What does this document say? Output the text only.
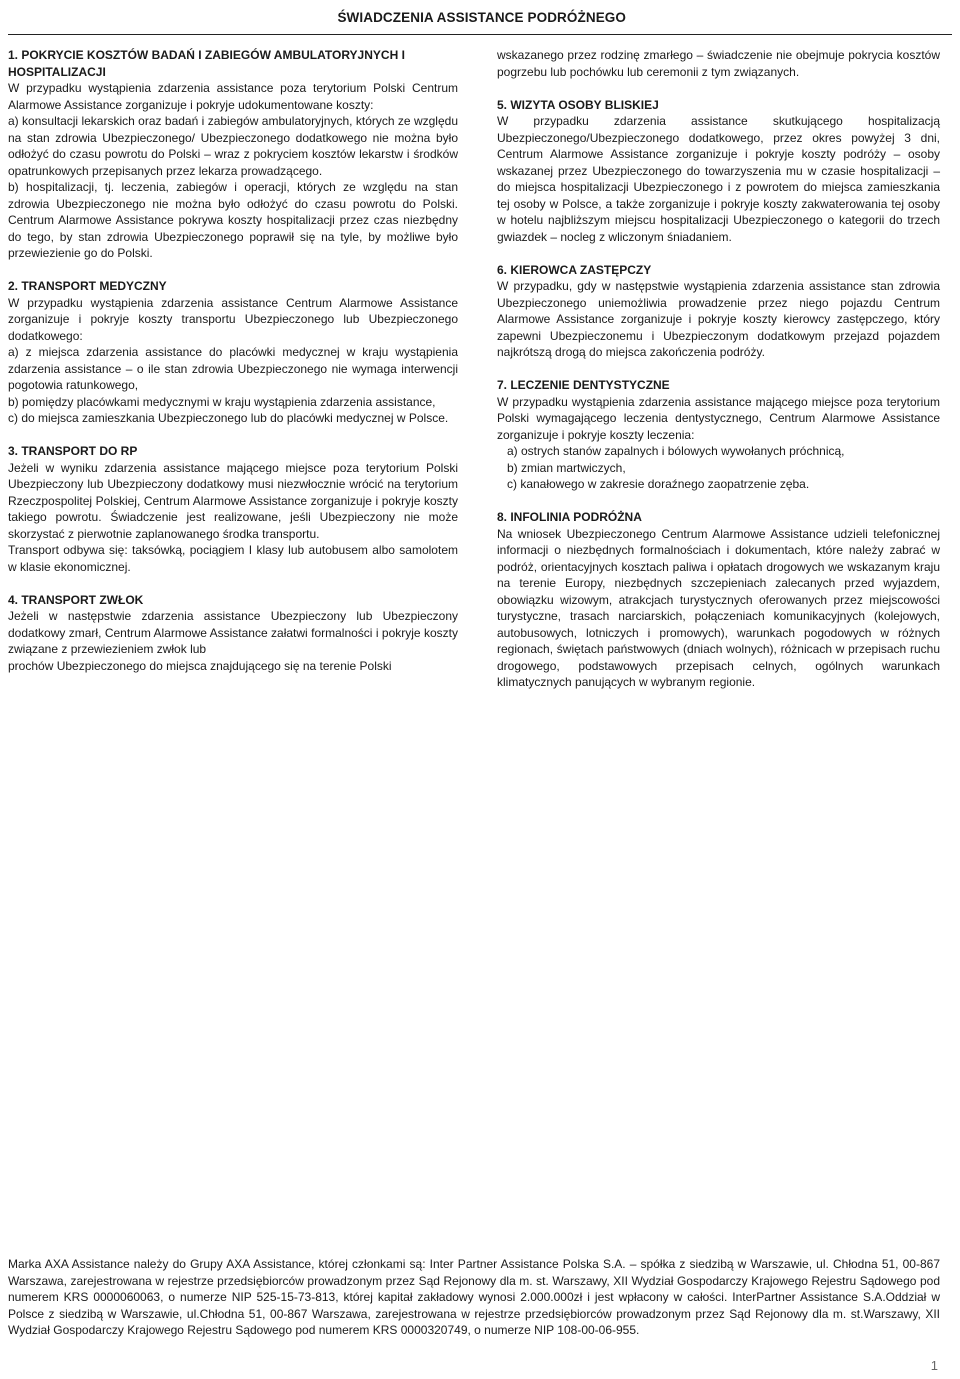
ŚWIADCZENIA ASSISTANCE PODRÓŻNEGO
1. POKRYCIE KOSZTÓW BADAŃ I ZABIEGÓW AMBULATORYJNYCH I HOSPITALIZACJI

W przypadku wystąpienia zdarzenia assistance poza terytorium Polski Centrum Alarmowe Assistance zorganizuje i pokryje udokumentowane koszty:

a) konsultacji lekarskich oraz badań i zabiegów ambulatoryjnych, których ze względu na stan zdrowia Ubezpieczonego/ Ubezpieczonego dodatkowego nie można było odłożyć do czasu powrotu do Polski – wraz z pokryciem kosztów lekarstw i środków opatrunkowych przepisanych przez lekarza prowadzącego.

b) hospitalizacji, tj. leczenia, zabiegów i operacji, których ze względu na stan zdrowia Ubezpieczonego nie można było odłożyć do czasu powrotu do Polski. Centrum Alarmowe Assistance pokrywa koszty hospitalizacji przez czas niezbędny do tego, by stan zdrowia Ubezpieczonego poprawił się na tyle, by możliwe było przewiezienie go do Polski.

2. TRANSPORT MEDYCZNY

W przypadku wystąpienia zdarzenia assistance Centrum Alarmowe Assistance zorganizuje i pokryje koszty transportu Ubezpieczonego lub Ubezpieczonego dodatkowego:

a) z miejsca zdarzenia assistance do placówki medycznej w kraju wystąpienia zdarzenia assistance – o ile stan zdrowia Ubezpieczonego nie wymaga interwencji pogotowia ratunkowego,

b) pomiędzy placówkami medycznymi w kraju wystąpienia zdarzenia assistance,

c) do miejsca zamieszkania Ubezpieczonego lub do placówki medycznej w Polsce.

3. TRANSPORT DO RP

Jeżeli w wyniku zdarzenia assistance mającego miejsce poza terytorium Polski Ubezpieczony lub Ubezpieczony dodatkowy musi niezwłocznie wrócić na terytorium Rzeczpospolitej Polskiej, Centrum Alarmowe Assistance zorganizuje i pokryje koszty takiego powrotu. Świadczenie jest realizowane, jeśli Ubezpieczony nie może skorzystać z pierwotnie zaplanowanego środka transportu.

Transport odbywa się: taksówką, pociągiem I klasy lub autobusem albo samolotem w klasie ekonomicznej.

4. TRANSPORT ZWŁOK

Jeżeli w następstwie zdarzenia assistance Ubezpieczony lub Ubezpieczony dodatkowy zmarł, Centrum Alarmowe Assistance załatwi formalności i pokryje koszty związane z przewiezieniem zwłok lub

prochów Ubezpieczonego do miejsca znajdującego się na terenie Polski

wskazanego przez rodzinę zmarłego – świadczenie nie obejmuje pokrycia kosztów pogrzebu lub pochówku lub ceremonii z tym związanych.

5. WIZYTA OSOBY BLISKIEJ

W przypadku zdarzenia assistance skutkującego hospitalizacją Ubezpieczonego/Ubezpieczonego dodatkowego, przez okres powyżej 3 dni, Centrum Alarmowe Assistance zorganizuje i pokryje koszty podróży – osoby wskazanej przez Ubezpieczonego do towarzyszenia mu w czasie hospitalizacji – do miejsca hospitalizacji Ubezpieczonego i z powrotem do miejsca zamieszkania tej osoby w Polsce, a także zorganizuje i pokryje koszty zakwaterowania tej osoby w hotelu najbliższym miejscu hospitalizacji Ubezpieczonego o kategorii do trzech gwiazdek – nocleg z wliczonym śniadaniem.

6. KIEROWCA ZASTĘPCZY

W przypadku, gdy w następstwie wystąpienia zdarzenia assistance stan zdrowia Ubezpieczonego uniemożliwia prowadzenie przez niego pojazdu Centrum Alarmowe Assistance zorganizuje i pokryje koszty kierowcy zastępczego, który zapewni Ubezpieczonemu i Ubezpieczonym dodatkowym przejazd pojazdem najkrótszą drogą do miejsca zakończenia podróży.

7. LECZENIE DENTYSTYCZNE

W przypadku wystąpienia zdarzenia assistance mającego miejsce poza terytorium Polski wymagającego leczenia dentystycznego, Centrum Alarmowe Assistance zorganizuje i pokryje koszty leczenia:

a) ostrych stanów zapalnych i bólowych wywołanych próchnicą,

b) zmian martwiczych,

c) kanałowego w zakresie doraźnego zaopatrzenie zęba.

8. INFOLINIA PODRÓŻNA

Na wniosek Ubezpieczonego Centrum Alarmowe Assistance udzieli telefonicznej informacji o niezbędnych formalnościach i dokumentach, które należy zabrać w podróż, orientacyjnych kosztach paliwa i opłatach drogowych we wskazanym kraju na terenie Europy, niezbędnych szczepieniach zalecanych przed wyjazdem, obowiązku wizowym, atrakcjach turystycznych oferowanych przez miejscowości turystyczne, trasach narciarskich, połączeniach komunikacyjnych (kolejowych, autobusowych, lotniczych i promowych), warunkach pogodowych w różnych regionach, świętach państwowych (dniach wolnych), różnicach w przepisach ruchu drogowego, podstawowych przepisach celnych, ogólnych warunkach klimatycznych panujących w wybranym regionie.

Marka AXA Assistance należy do Grupy AXA Assistance, której członkami są: Inter Partner Assistance Polska S.A. – spółka z siedzibą w Warszawie, ul. Chłodna 51, 00-867 Warszawa, zarejestrowana w rejestrze przedsiębiorców prowadzonym przez Sąd Rejonowy dla m. st. Warszawy, XII Wydział Gospodarczy Krajowego Rejestru Sądowego pod numerem KRS 0000060063, o numerze NIP 525-15-73-813, której kapitał zakładowy wynosi 2.000.000zł i jest wpłacony w całości. InterPartner Assistance S.A.Oddział w Polsce z siedzibą w Warszawie, ul.Chłodna 51, 00-867 Warszawa, zarejestrowana w rejestrze przedsiębiorców prowadzonym przez Sąd Rejonowy dla m. st.Warszawy, XII Wydział Gospodarczy Krajowego Rejestru Sądowego pod numerem KRS 0000320749, o numerze NIP 108-00-06-955.
1
